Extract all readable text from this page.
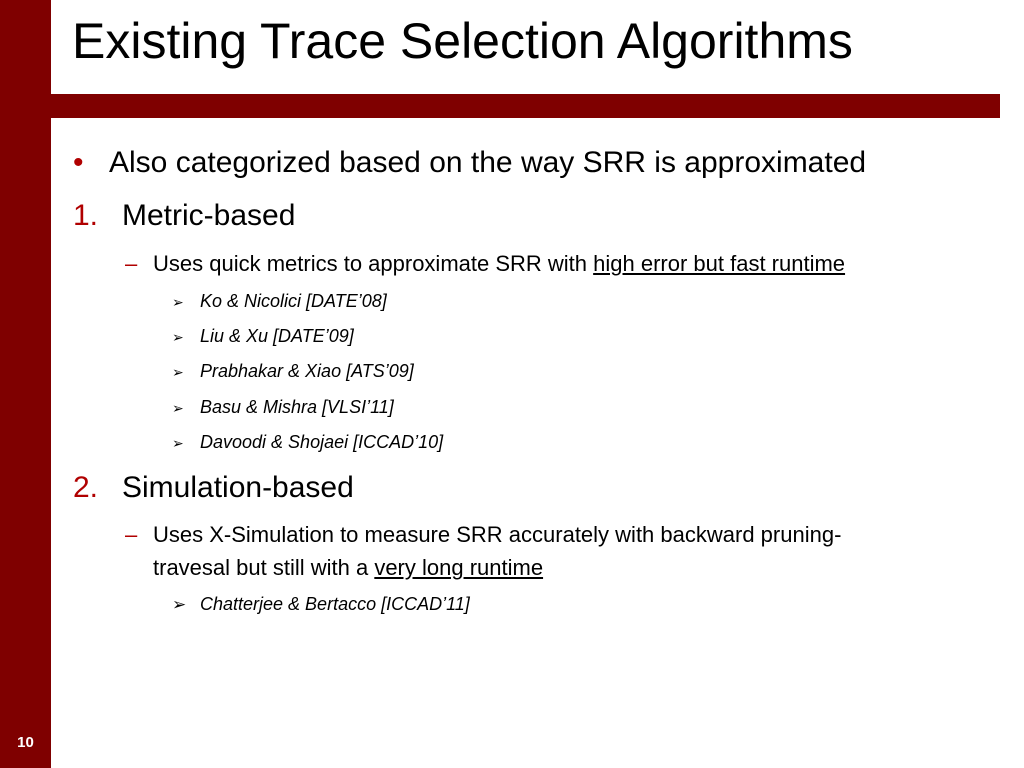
10
Existing Trace Selection Algorithms
• Also categorized based on the way SRR is approximated
1. Metric-based
– Uses quick metrics to approximate SRR with high error but fast runtime
➢ Ko & Nicolici [DATE’08]
➢ Liu & Xu [DATE’09]
➢ Prabhakar & Xiao [ATS’09]
➢ Basu & Mishra [VLSI’11]
➢ Davoodi & Shojaei [ICCAD’10]
2. Simulation-based
– Uses X-Simulation to measure SRR accurately with backward pruning-
travesal but still with a very long runtime
➢ Chatterjee & Bertacco [ICCAD’11]
